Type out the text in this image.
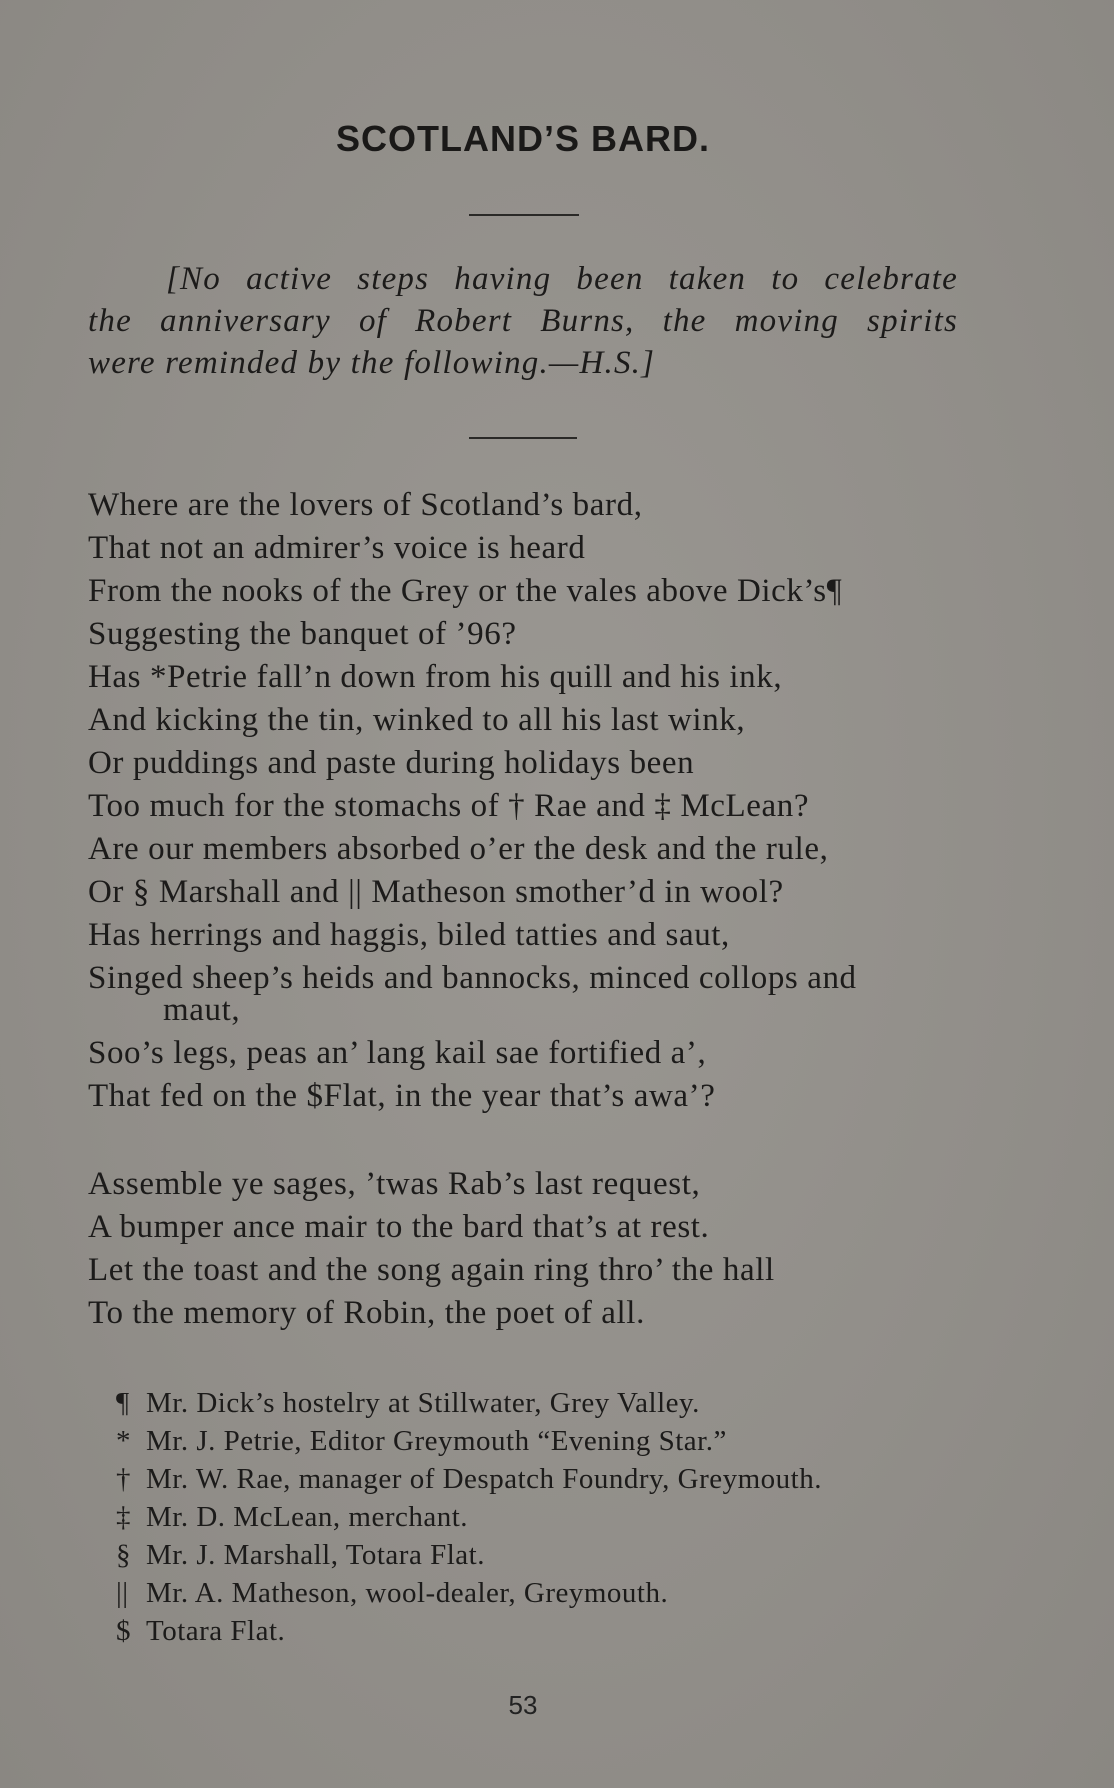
SCOTLAND’S BARD.

[No active steps having been taken to celebrate
the anniversary of Robert Burns, the moving spirits
were reminded by the following.—H.S.]

Where are the lovers of Scotland’s bard,
That not an admirer’s voice is heard
From the nooks of the Grey or the vales above Dick’s¶
Suggesting the banquet of ’96?
Has *Petrie fall’n down from his quill and his ink,
And kicking the tin, winked to all his last wink,
Or puddings and paste during holidays been
Too much for the stomachs of † Rae and ‡ McLean?
Are our members absorbed o’er the desk and the rule,
Or § Marshall and || Matheson smother’d in wool?
Has herrings and haggis, biled tatties and saut,
Singed sheep’s heids and bannocks, minced collops and
maut,
Soo’s legs, peas an’ lang kail sae fortified a’,
That fed on the $Flat, in the year that’s awa’?
Assemble ye sages, ’twas Rab’s last request,
A bumper ance mair to the bard that’s at rest.
Let the toast and the song again ring thro’ the hall
To the memory of Robin, the poet of all.
¶ Mr. Dick’s hostelry at Stillwater, Grey Valley.
* Mr. J. Petrie, Editor Greymouth “Evening Star.”
† Mr. W. Rae, manager of Despatch Foundry, Greymouth.
‡ Mr. D. McLean, merchant.
§ Mr. J. Marshall, Totara Flat.
|| Mr. A. Matheson, wool-dealer, Greymouth.
$ Totara Flat.
53
